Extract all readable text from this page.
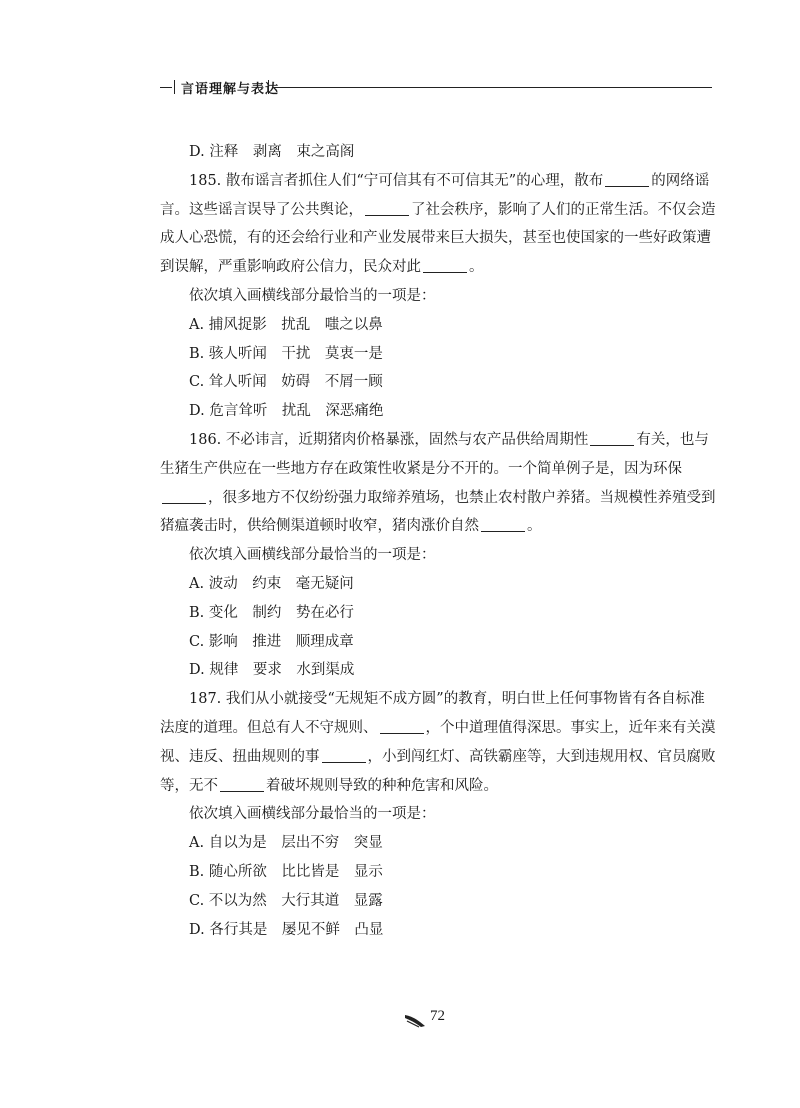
言语理解与表达

D. 注释　剥离　束之高阁

185. 散布谣言者抓住人们“宁可信其有不可信其无”的心理，散布	的网络谣言。这些谣言误导了公共舆论，	了社会秩序，影响了人们的正常生活。不仅会造成人心恐慌，有的还会给行业和产业发展带来巨大损失，甚至也使国家的一些好政策遭到误解，严重影响政府公信力，民众对此	。

依次填入画横线部分最恰当的一项是：

A. 捕风捉影　扰乱　嗤之以鼻

B. 骇人听闻　干扰　莫衷一是

C. 耸人听闻　妨碍　不屑一顾

D. 危言耸听　扰乱　深恶痛绝

186. 不必讳言，近期猪肉价格暴涨，固然与农产品供给周期性	有关，也与生猪生产供应在一些地方存在政策性收紧是分不开的。一个简单例子是，因为环保，很多地方不仅纷纷强力取缔养殖场，也禁止农村散户养猪。当规模性养殖受到猪瘟袭击时，供给侧渠道顿时收窄，猪肉涨价自然	。

依次填入画横线部分最恰当的一项是：

A. 波动　约束　毫无疑问

B. 变化　制约　势在必行

C. 影响　推进　顺理成章

D. 规律　要求　水到渠成

187. 我们从小就接受“无规矩不成方圆”的教育，明白世上任何事物皆有各自标准法度的道理。但总有人不守规则、	，个中道理值得深思。事实上，近年来有关漠视、违反、扭曲规则的事	，小到闯红灯、高铁霸座等，大到违规用权、官员腐败等，无不	着破坏规则导致的种种危害和风险。

依次填入画横线部分最恰当的一项是：

A. 自以为是　层出不穷　突显

B. 随心所欲　比比皆是　显示

C. 不以为然　大行其道　显露

D. 各行其是　屡见不鲜　凸显

72
